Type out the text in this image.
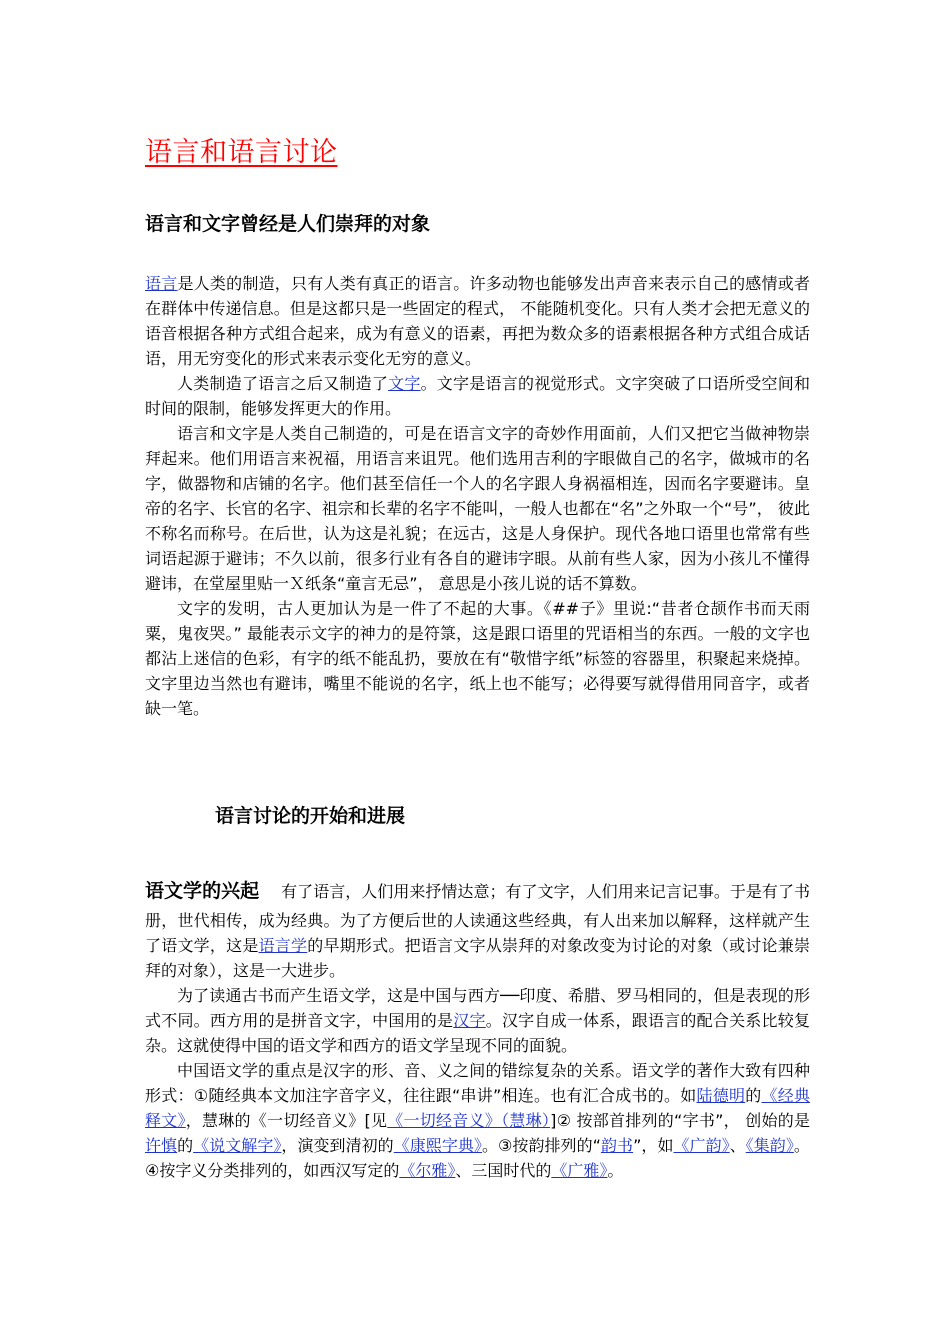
语言和语言讨论
语言和文字曾经是人们崇拜的对象

语言是人类的制造，只有人类有真正的语言。许多动物也能够发出声音来表示自己的感情或者在群体中传递信息。但是这都只是一些固定的程式， 不能随机变化。只有人类才会把无意义的语音根据各种方式组合起来，成为有意义的语素，再把为数众多的语素根据各种方式组合成话语，用无穷变化的形式来表示变化无穷的意义。

人类制造了语言之后又制造了文字。文字是语言的视觉形式。文字突破了口语所受空间和时间的限制，能够发挥更大的作用。

语言和文字是人类自己制造的，可是在语言文字的奇妙作用面前，人们又把它当做神物崇拜起来。他们用语言来祝福，用语言来诅咒。他们选用吉利的字眼做自己的名字，做城市的名字，做器物和店铺的名字。他们甚至信任一个人的名字跟人身祸福相连，因而名字要避讳。皇帝的名字、长官的名字、祖宗和长辈的名字不能叫，一般人也都在“名”之外取一个“号”， 彼此不称名而称号。在后世，认为这是礼貌；在远古，这是人身保护。现代各地口语里也常常有些词语起源于避讳；不久以前，很多行业有各自的避讳字眼。从前有些人家，因为小孩儿不懂得避讳，在堂屋里贴一Ｘ纸条“童言无忌”， 意思是小孩儿说的话不算数。

文字的发明，古人更加认为是一件了不起的大事。《##子》里说:“昔者仓颉作书而天雨粟，鬼夜哭。” 最能表示文字的神力的是符箓，这是跟口语里的咒语相当的东西。一般的文字也都沾上迷信的色彩，有字的纸不能乱扔，要放在有“敬惜字纸”标签的容器里，积聚起来烧掉。文字里边当然也有避讳，嘴里不能说的名字，纸上也不能写；必得要写就得借用同音字，或者缺一笔。

语言讨论的开始和进展

语文学的兴起 有了语言，人们用来抒情达意；有了文字，人们用来记言记事。于是有了书册，世代相传，成为经典。为了方便后世的人读通这些经典，有人出来加以解释，这样就产生了语文学，这是语言学的早期形式。把语言文字从崇拜的对象改变为讨论的对象（或讨论兼崇拜的对象），这是一大进步。

为了读通古书而产生语文学，这是中国与西方──印度、希腊、罗马相同的，但是表现的形式不同。西方用的是拼音文字，中国用的是汉字。汉字自成一体系，跟语言的配合关系比较复杂。这就使得中国的语文学和西方的语文学呈现不同的面貌。

中国语文学的重点是汉字的形、音、义之间的错综复杂的关系。语文学的著作大致有四种形式：①随经典本文加注字音字义，往往跟“串讲”相连。也有汇合成书的。如陆德明的《经典释文》，慧琳的《一切经音义》[见《一切经音义》（慧琳）]② 按部首排列的“字书”， 创始的是许慎的《说文解字》，演变到清初的《康熙字典》。③按韵排列的“韵书”，如《广韵》、《集韵》。④按字义分类排列的，如西汉写定的《尔雅》、三国时代的《广雅》。
